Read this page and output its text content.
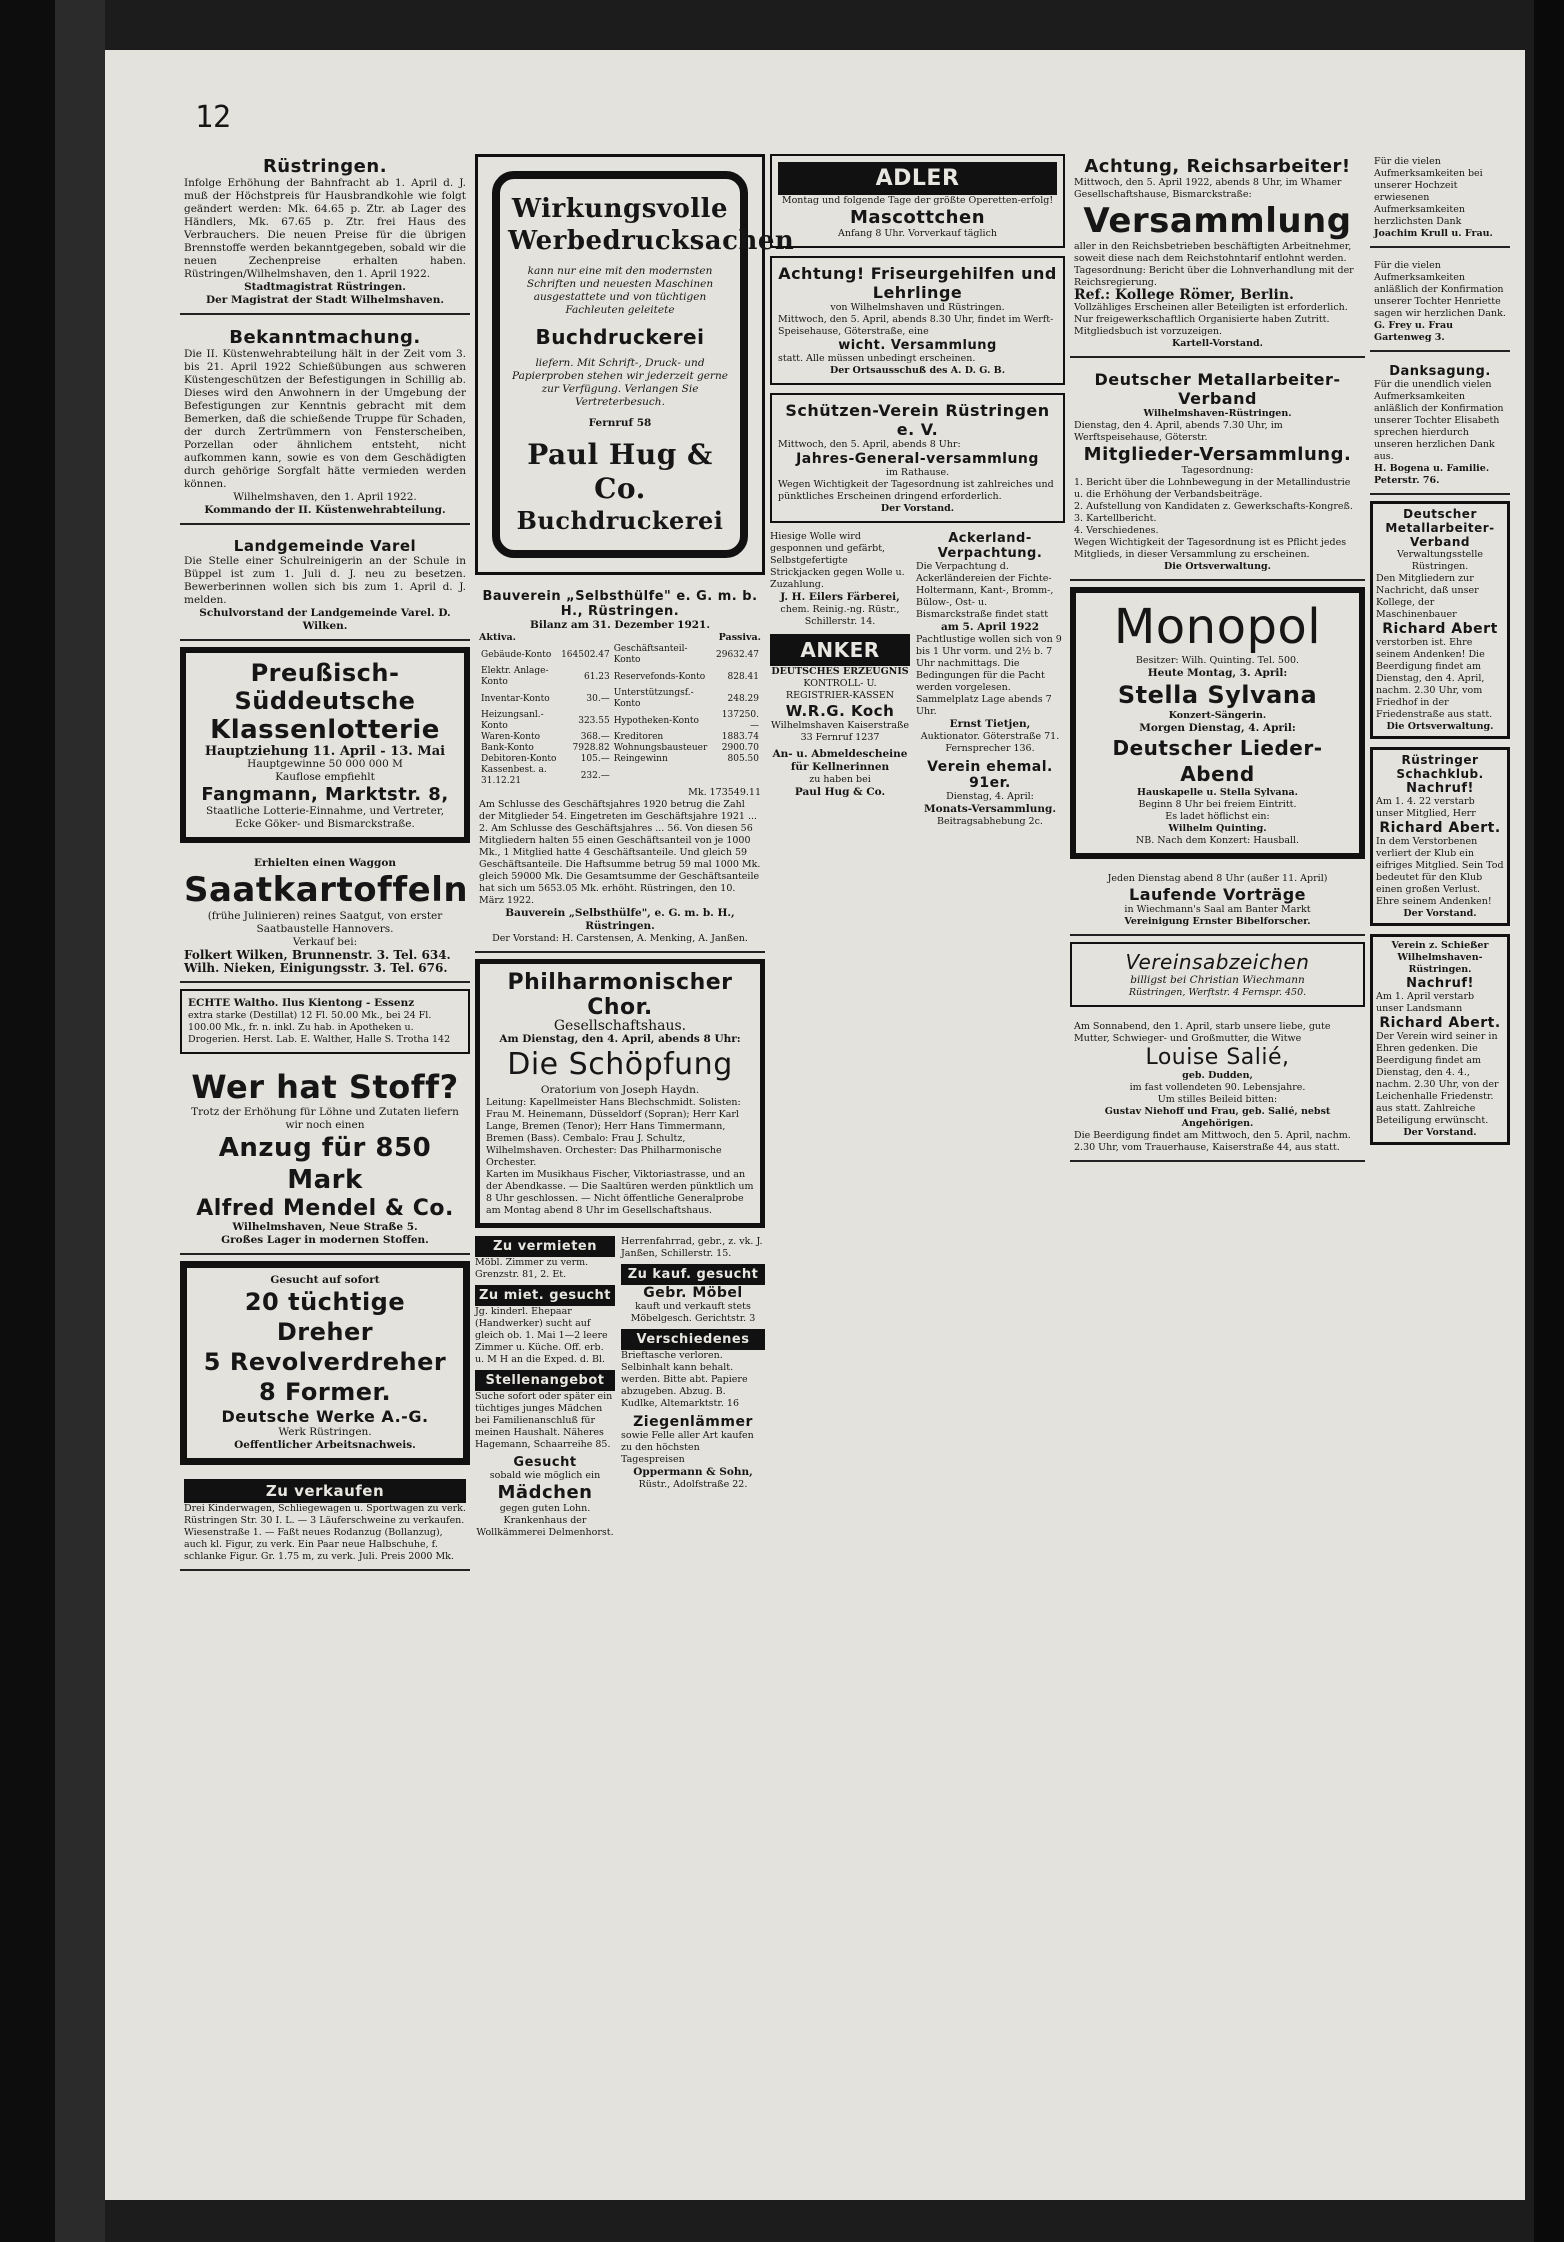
12
Rüstringen.
Infolge Erhöhung der Bahnfracht ab 1. April d. J. muß der Höchstpreis für Hausbrandkohle wie folgt geändert werden: Mk. 64.65 p. Ztr. ab Lager des Händlers, Mk. 67.65 p. Ztr. frei Haus des Verbrauchers. Die neuen Preise für die übrigen Brennstoffe werden bekanntgegeben, sobald wir die neuen Zechenpreise erhalten haben. Rüstringen/Wilhelmshaven, den 1. April 1922.
Stadtmagistrat Rüstringen.
Der Magistrat der Stadt Wilhelmshaven.
Bekanntmachung.
Die II. Küstenwehrabteilung hält in der Zeit vom 3. bis 21. April 1922 Schießübungen aus schweren Küstengeschützen der Befestigungen in Schillig ab. Dieses wird den Anwohnern in der Umgebung der Befestigungen zur Kenntnis gebracht mit dem Bemerken, daß die schießende Truppe für Schaden, der durch Zertrümmern von Fensterscheiben, Porzellan oder ähnlichem entsteht, nicht aufkommen kann, sowie es von dem Geschädigten durch gehörige Sorgfalt hätte vermieden werden können.
Wilhelmshaven, den 1. April 1922.
Kommando der II. Küstenwehrabteilung.
Landgemeinde Varel
Die Stelle einer Schulreinigerin an der Schule in Büppel ist zum 1. Juli d. J. neu zu besetzen. Bewerberinnen wollen sich bis zum 1. April d. J. melden.
Schulvorstand der Landgemeinde Varel. D. Wilken.
Preußisch-Süddeutsche
Klassenlotterie
Hauptziehung 11. April - 13. Mai
Hauptgewinne 50 000 000 M
Kauflose empfiehlt
Fangmann, Marktstr. 8,
Staatliche Lotterie-Einnahme, und Vertreter, Ecke Göker- und Bismarckstraße.
Erhielten einen Waggon
Saatkartoffeln
(frühe Julinieren) reines Saatgut, von erster Saatbaustelle Hannovers.
Verkauf bei:
Folkert Wilken, Brunnenstr. 3. Tel. 634.
Wilh. Nieken, Einigungsstr. 3. Tel. 676.
ECHTE Waltho. Ilus Kientong - Essenz
extra starke (Destillat) 12 Fl. 50.00 Mk., bei 24 Fl. 100.00 Mk., fr. n. inkl. Zu hab. in Apotheken u. Drogerien. Herst. Lab. E. Walther, Halle S. Trotha 142
Wer hat Stoff?
Trotz der Erhöhung für Löhne und Zutaten liefern wir noch einen
Anzug für 850 Mark
Alfred Mendel & Co.
Wilhelmshaven, Neue Straße 5.
Großes Lager in modernen Stoffen.
Gesucht auf sofort
20 tüchtige Dreher
5 Revolverdreher
8 Former.
Deutsche Werke A.-G.
Werk Rüstringen.
Oeffentlicher Arbeitsnachweis.
Zu verkaufen
Drei Kinderwagen, Schliegewagen u. Sportwagen zu verk. Rüstringen Str. 30 I. L. — 3 Läuferschweine zu verkaufen. Wiesenstraße 1. — Faßt neues Rodanzug (Bollanzug), auch kl. Figur, zu verk. Ein Paar neue Halbschuhe, f. schlanke Figur. Gr. 1.75 m, zu verk. Juli. Preis 2000 Mk.
Wirkungsvolle
Werbedrucksachen
kann nur eine mit den modernsten Schriften und neuesten Maschinen ausgestattete und von tüchtigen Fachleuten geleitete
Buchdruckerei
liefern. Mit Schrift-, Druck- und Papierproben stehen wir jederzeit gerne zur Verfügung. Verlangen Sie Vertreterbesuch.
Fernruf 58
Paul Hug & Co.
Buchdruckerei
Bauverein „Selbsthülfe" e. G. m. b. H., Rüstringen.
Bilanz am 31. Dezember 1921.
Aktiva.	Passiva.
Gebäude-Konto	164502.47	Geschäftsanteil-Konto	29632.47
Elektr. Anlage-Konto	61.23	Reservefonds-Konto	828.41
Inventar-Konto	30.—	Unterstützungsf.-Konto	248.29
Heizungsanl.-Konto	323.55	Hypotheken-Konto	137250.—
Waren-Konto	368.—	Kreditoren	1883.74
Bank-Konto	7928.82	Wohnungsbausteuer	2900.70
Debitoren-Konto	105.—	Reingewinn	805.50
Kassenbest. a. 31.12.21	232.—		
Mk. 173549.11
Am Schlusse des Geschäftsjahres 1920 betrug die Zahl der Mitglieder 54. Eingetreten im Geschäftsjahre 1921 ... 2. Am Schlusse des Geschäftsjahres ... 56. Von diesen 56 Mitgliedern halten 55 einen Geschäftsanteil von je 1000 Mk., 1 Mitglied hatte 4 Geschäftsanteile. Und gleich 59 Geschäftsanteile. Die Haftsumme betrug 59 mal 1000 Mk. gleich 59000 Mk. Die Gesamtsumme der Geschäftsanteile hat sich um 5653.05 Mk. erhöht. Rüstringen, den 10. März 1922.
Bauverein „Selbsthülfe", e. G. m. b. H., Rüstringen.
Der Vorstand: H. Carstensen, A. Menking, A. Janßen.
Philharmonischer Chor.
Gesellschaftshaus.
Am Dienstag, den 4. April, abends 8 Uhr:
Die Schöpfung
Oratorium von Joseph Haydn.
Leitung: Kapellmeister Hans Blechschmidt. Solisten: Frau M. Heinemann, Düsseldorf (Sopran); Herr Karl Lange, Bremen (Tenor); Herr Hans Timmermann, Bremen (Bass). Cembalo: Frau J. Schultz, Wilhelmshaven. Orchester: Das Philharmonische Orchester.
Karten im Musikhaus Fischer, Viktoriastrasse, und an der Abendkasse. — Die Saaltüren werden pünktlich um 8 Uhr geschlossen. — Nicht öffentliche Generalprobe am Montag abend 8 Uhr im Gesellschaftshaus.
Zu vermieten
Möbl. Zimmer zu verm. Grenzstr. 81, 2. Et.
Zu miet. gesucht
Jg. kinderl. Ehepaar (Handwerker) sucht auf gleich ob. 1. Mai 1—2 leere Zimmer u. Küche. Off. erb. u. M H an die Exped. d. Bl.
Stellenangebot
Suche sofort oder später ein tüchtiges junges Mädchen bei Familienanschluß für meinen Haushalt. Näheres Hagemann, Schaarreihe 85.
Gesucht
sobald wie möglich ein
Mädchen
gegen guten Lohn. Krankenhaus der Wollkämmerei Delmenhorst.
Herrenfahrrad, gebr., z. vk. J. Janßen, Schillerstr. 15.
Zu kauf. gesucht
Gebr. Möbel
kauft und verkauft stets Möbelgesch. Gerichtstr. 3
Verschiedenes
Brieftasche verloren. Selbinhalt kann behalt. werden. Bitte abt. Papiere abzugeben. Abzug. B. Kudlke, Altemarktstr. 16
Ziegenlämmer
sowie Felle aller Art kaufen zu den höchsten Tagespreisen
Oppermann & Sohn,
Rüstr., Adolfstraße 22.
ADLER
Montag und folgende Tage der größte Operetten-erfolg!
Mascottchen
Anfang 8 Uhr. Vorverkauf täglich
Achtung! Friseurgehilfen und Lehrlinge
von Wilhelmshaven und Rüstringen.
Mittwoch, den 5. April, abends 8.30 Uhr, findet im Werft-Speisehause, Göterstraße, eine
wicht. Versammlung
statt. Alle müssen unbedingt erscheinen.
Der Ortsausschuß des A. D. G. B.
Schützen-Verein Rüstringen e. V.
Mittwoch, den 5. April, abends 8 Uhr:
Jahres-General-versammlung
im Rathause.
Wegen Wichtigkeit der Tagesordnung ist zahlreiches und pünktliches Erscheinen dringend erforderlich.
Der Vorstand.
Hiesige Wolle wird gesponnen und gefärbt, Selbstgefertigte Strickjacken gegen Wolle u. Zuzahlung.
J. H. Eilers Färberei,
chem. Reinig.-ng. Rüstr., Schillerstr. 14.
ANKER
DEUTSCHES ERZEUGNIS
KONTROLL- U. REGISTRIER-KASSEN
W.R.G. Koch
Wilhelmshaven Kaiserstraße 33 Fernruf 1237
An- u. Abmeldescheine für Kellnerinnen
zu haben bei
Paul Hug & Co.
Ackerland-Verpachtung.
Die Verpachtung d. Ackerländereien der Fichte-Holtermann, Kant-, Bromm-, Bülow-, Ost- u. Bismarckstraße findet statt
am 5. April 1922
Pachtlustige wollen sich von 9 bis 1 Uhr vorm. und 2½ b. 7 Uhr nachmittags. Die Bedingungen für die Pacht werden vorgelesen. Sammelplatz Lage abends 7 Uhr.
Ernst Tietjen,
Auktionator. Göterstraße 71. Fernsprecher 136.
Verein ehemal. 91er.
Dienstag, 4. April:
Monats-Versammlung.
Beitragsabhebung 2c.
Achtung, Reichsarbeiter!
Mittwoch, den 5. April 1922, abends 8 Uhr, im Whamer Gesellschaftshause, Bismarckstraße:
Versammlung
aller in den Reichsbetrieben beschäftigten Arbeitnehmer, soweit diese nach dem Reichstohntarif entlohnt werden. Tagesordnung: Bericht über die Lohnverhandlung mit der Reichsregierung.
Ref.: Kollege Römer, Berlin.
Vollzähliges Erscheinen aller Beteiligten ist erforderlich. Nur freigewerkschaftlich Organisierte haben Zutritt. Mitgliedsbuch ist vorzuzeigen.
Kartell-Vorstand.
Deutscher Metallarbeiter-Verband
Wilhelmshaven-Rüstringen.
Dienstag, den 4. April, abends 7.30 Uhr, im Werftspeisehause, Göterstr.
Mitglieder-Versammlung.
Tagesordnung:
1. Bericht über die Lohnbewegung in der Metallindustrie u. die Erhöhung der Verbandsbeiträge.
2. Aufstellung von Kandidaten z. Gewerkschafts-Kongreß.
3. Kartellbericht.
4. Verschiedenes.
Wegen Wichtigkeit der Tagesordnung ist es Pflicht jedes Mitglieds, in dieser Versammlung zu erscheinen.
Die Ortsverwaltung.
Monopol
Besitzer: Wilh. Quinting. Tel. 500.
Heute Montag, 3. April:
Stella Sylvana
Konzert-Sängerin.
Morgen Dienstag, 4. April:
Deutscher Lieder-Abend
Hauskapelle u. Stella Sylvana.
Beginn 8 Uhr bei freiem Eintritt.
Es ladet höflichst ein:
Wilhelm Quinting.
NB. Nach dem Konzert: Hausball.
Jeden Dienstag abend 8 Uhr (außer 11. April)
Laufende Vorträge
in Wiechmann's Saal am Banter Markt
Vereinigung Ernster Bibelforscher.
Vereinsabzeichen
billigst bei Christian Wiechmann
Rüstringen, Werftstr. 4 Fernspr. 450.
Am Sonnabend, den 1. April, starb unsere liebe, gute Mutter, Schwieger- und Großmutter, die Witwe
Louise Salié,
geb. Dudden,
im fast vollendeten 90. Lebensjahre.
Um stilles Beileid bitten:
Gustav Niehoff und Frau, geb. Salié, nebst Angehörigen.
Die Beerdigung findet am Mittwoch, den 5. April, nachm. 2.30 Uhr, vom Trauerhause, Kaiserstraße 44, aus statt.
Für die vielen Aufmerksamkeiten bei unserer Hochzeit erwiesenen Aufmerksamkeiten herzlichsten Dank
Joachim Krull u. Frau.
Für die vielen Aufmerksamkeiten anläßlich der Konfirmation unserer Tochter Henriette sagen wir herzlichen Dank.
G. Frey u. Frau Gartenweg 3.
Danksagung.
Für die unendlich vielen Aufmerksamkeiten anläßlich der Konfirmation unserer Tochter Elisabeth sprechen hierdurch unseren herzlichen Dank aus.
H. Bogena u. Familie. Peterstr. 76.
Deutscher Metallarbeiter-Verband
Verwaltungsstelle Rüstringen.
Den Mitgliedern zur Nachricht, daß unser Kollege, der Maschinenbauer
Richard Abert
verstorben ist. Ehre seinem Andenken! Die Beerdigung findet am Dienstag, den 4. April, nachm. 2.30 Uhr, vom Friedhof in der Friedenstraße aus statt.
Die Ortsverwaltung.
Rüstringer Schachklub.
Nachruf!
Am 1. 4. 22 verstarb unser Mitglied, Herr
Richard Abert.
In dem Verstorbenen verliert der Klub ein eifriges Mitglied. Sein Tod bedeutet für den Klub einen großen Verlust. Ehre seinem Andenken!
Der Vorstand.
Verein z. Schießer Wilhelmshaven-Rüstringen.
Nachruf!
Am 1. April verstarb unser Landsmann
Richard Abert.
Der Verein wird seiner in Ehren gedenken. Die Beerdigung findet am Dienstag, den 4. 4., nachm. 2.30 Uhr, von der Leichenhalle Friedenstr. aus statt. Zahlreiche Beteiligung erwünscht.
Der Vorstand.
